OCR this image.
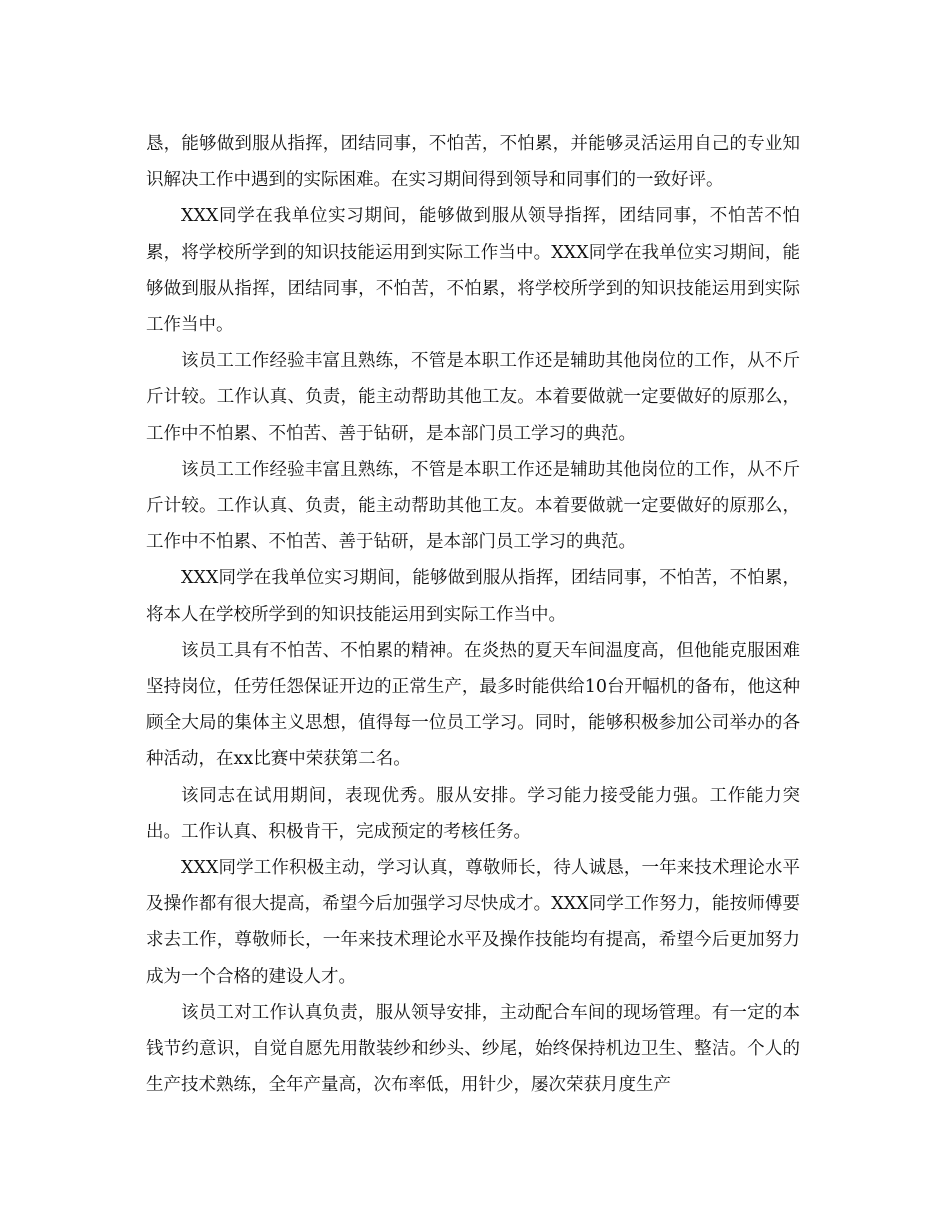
恳，能够做到服从指挥，团结同事，不怕苦，不怕累，并能够灵活运用自己的专业知识解决工作中遇到的实际困难。在实习期间得到领导和同事们的一致好评。

XXX同学在我单位实习期间，能够做到服从领导指挥，团结同事，不怕苦不怕累，将学校所学到的知识技能运用到实际工作当中。XXX同学在我单位实习期间，能够做到服从指挥，团结同事，不怕苦，不怕累，将学校所学到的知识技能运用到实际工作当中。

该员工工作经验丰富且熟练，不管是本职工作还是辅助其他岗位的工作，从不斤斤计较。工作认真、负责，能主动帮助其他工友。本着要做就一定要做好的原那么，工作中不怕累、不怕苦、善于钻研，是本部门员工学习的典范。

该员工工作经验丰富且熟练，不管是本职工作还是辅助其他岗位的工作，从不斤斤计较。工作认真、负责，能主动帮助其他工友。本着要做就一定要做好的原那么，工作中不怕累、不怕苦、善于钻研，是本部门员工学习的典范。

XXX同学在我单位实习期间，能够做到服从指挥，团结同事，不怕苦，不怕累，将本人在学校所学到的知识技能运用到实际工作当中。

该员工具有不怕苦、不怕累的精神。在炎热的夏天车间温度高，但他能克服困难坚持岗位，任劳任怨保证开边的正常生产，最多时能供给10台开幅机的备布，他这种顾全大局的集体主义思想，值得每一位员工学习。同时，能够积极参加公司举办的各种活动，在xx比赛中荣获第二名。

该同志在试用期间，表现优秀。服从安排。学习能力接受能力强。工作能力突出。工作认真、积极肯干，完成预定的考核任务。

XXX同学工作积极主动，学习认真，尊敬师长，待人诚恳，一年来技术理论水平及操作都有很大提高，希望今后加强学习尽快成才。XXX同学工作努力，能按师傅要求去工作，尊敬师长，一年来技术理论水平及操作技能均有提高，希望今后更加努力成为一个合格的建设人才。

该员工对工作认真负责，服从领导安排，主动配合车间的现场管理。有一定的本钱节约意识，自觉自愿先用散装纱和纱头、纱尾，始终保持机边卫生、整洁。个人的生产技术熟练，全年产量高，次布率低，用针少，屡次荣获月度生产
